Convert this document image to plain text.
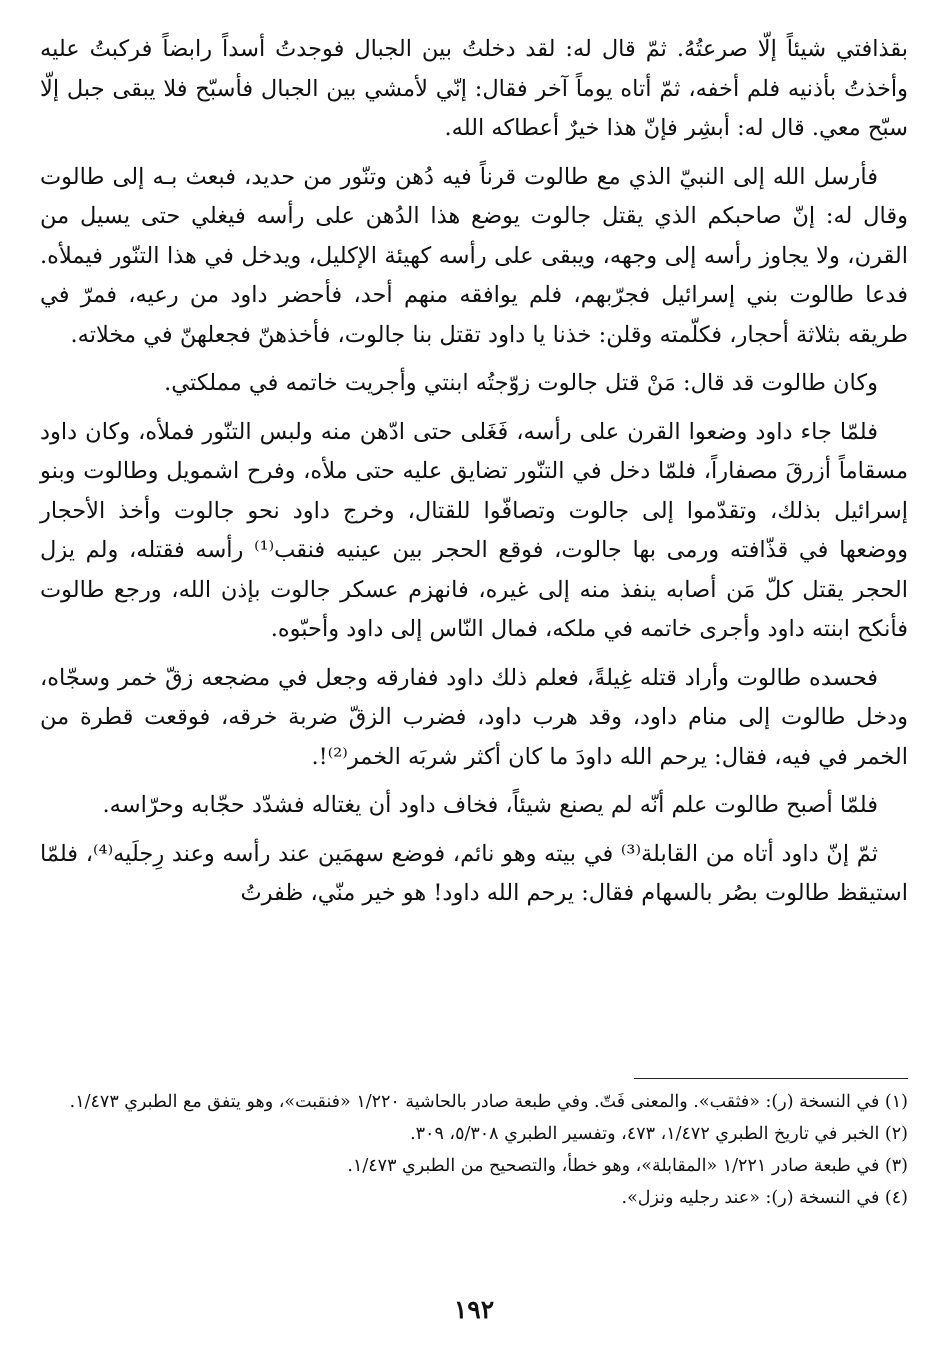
بقذافتي شيئاً إلّا صرعتُهُ. ثمّ قال له: لقد دخلتُ بين الجبال فوجدتُ أسداً رابضاً فركبتُ عليه وأخذتُ بأذنيه فلم أخفه، ثمّ أتاه يوماً آخر فقال: إنّي لأمشي بين الجبال فأسبّح فلا يبقى جبل إلّا سبّح معي. قال له: أبشِر فإنّ هذا خيرٌ أعطاكه الله.

فأرسل الله إلى النبيّ الذي مع طالوت قرناً فيه دُهن وتنّور من حديد، فبعث بـه إلى طالوت وقال له: إنّ صاحبكم الذي يقتل جالوت يوضع هذا الدُهن على رأسه فيغلي حتى يسيل من القرن، ولا يجاوز رأسه إلى وجهه، ويبقى على رأسه كهيئة الإكليل، ويدخل في هذا التنّور فيملأه. فدعا طالوت بني إسرائيل فجرّبهم، فلم يوافقه منهم أحد، فأحضر داود من رعيه، فمرّ في طريقه بثلاثة أحجار، فكلّمته وقلن: خذنا يا داود تقتل بنا جالوت، فأخذهنّ فجعلهنّ في مخلاته.

وكان طالوت قد قال: مَنْ قتل جالوت زوّجتُه ابنتي وأجريت خاتمه في مملكتي.

فلمّا جاء داود وضعوا القرن على رأسه، فَغَلى حتى ادّهن منه ولبس التنّور فملأه، وكان داود مسقاماً أزرقَ مصفاراً، فلمّا دخل في التنّور تضايق عليه حتى ملأه، وفرح اشمويل وطالوت وبنو إسرائيل بذلك، وتقدّموا إلى جالوت وتصافّوا للقتال، وخرج داود نحو جالوت وأخذ الأحجار ووضعها في قذّافته ورمى بها جالوت، فوقع الحجر بين عينيه فنقب⁽¹⁾ رأسه فقتله، ولم يزل الحجر يقتل كلّ مَن أصابه ينفذ منه إلى غيره، فانهزم عسكر جالوت بإذن الله، ورجع طالوت فأنكح ابنته داود وأجرى خاتمه في ملكه، فمال النّاس إلى داود وأحبّوه.

فحسده طالوت وأراد قتله غِيلةً، فعلم ذلك داود ففارقه وجعل في مضجعه زقّ خمر وسجّاه، ودخل طالوت إلى منام داود، وقد هرب داود، فضرب الزقّ ضربة خرقه، فوقعت قطرة من الخمر في فيه، فقال: يرحم الله داودَ ما كان أكثر شربَه الخمر⁽²⁾!.

فلمّا أصبح طالوت علم أنّه لم يصنع شيئاً، فخاف داود أن يغتاله فشدّد حجّابه وحرّاسه.

ثمّ إنّ داود أتاه من القابلة⁽³⁾ في بيته وهو نائم، فوضع سهمَين عند رأسه وعند رِجلَيه⁽⁴⁾، فلمّا استيقظ طالوت بصُر بالسهام فقال: يرحم الله داود! هو خير منّي، ظفرتُ

(١) في النسخة (ر): «فثقب». والمعنى فَتّ. وفي طبعة صادر بالحاشية ١/٢٢٠ «فنقبت»، وهو يتفق مع الطبري ١/٤٧٣.

(٢) الخبر في تاريخ الطبري ١/٤٧٢، ٤٧٣، وتفسير الطبري ٥/٣٠٨، ٣٠٩.

(٣) في طبعة صادر ١/٢٢١ «المقابلة»، وهو خطأ، والتصحيح من الطبري ١/٤٧٣.

(٤) في النسخة (ر): «عند رجليه ونزل».

١٩٢
